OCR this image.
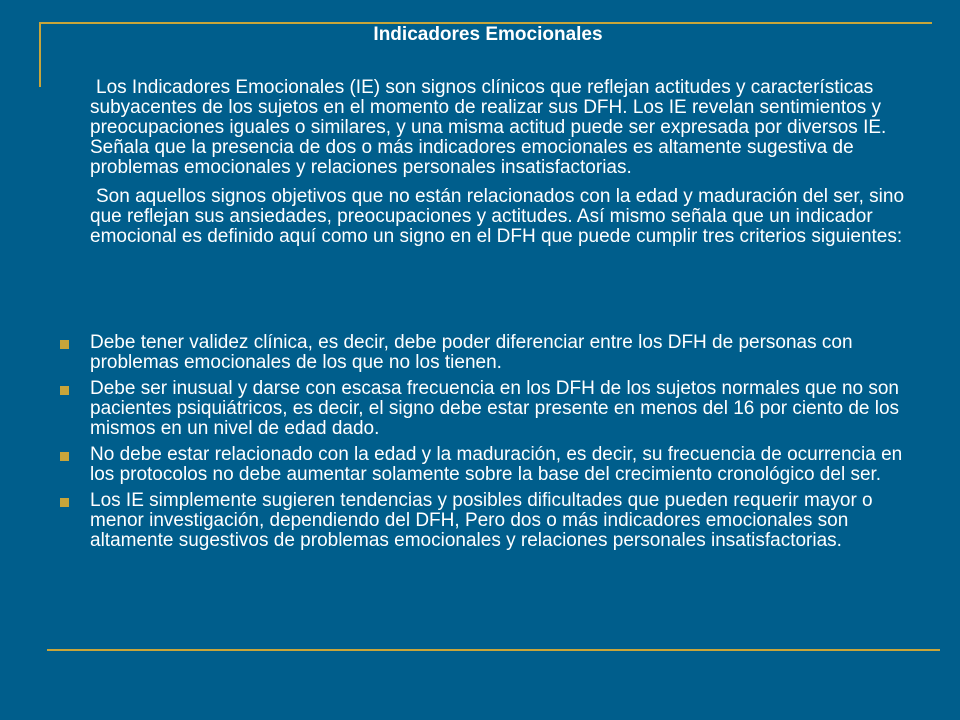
Indicadores Emocionales

Los Indicadores Emocionales (IE) son signos clínicos que reflejan actitudes y características subyacentes de los sujetos en el momento de realizar sus DFH. Los IE revelan sentimientos y preocupaciones iguales o similares, y una misma actitud puede ser expresada por diversos IE. Señala que la presencia de dos o más indicadores emocionales es altamente sugestiva de problemas emocionales y relaciones personales insatisfactorias.

Son aquellos signos objetivos que no están relacionados con la edad y maduración del ser, sino que reflejan sus ansiedades, preocupaciones y actitudes. Así mismo señala que un indicador emocional es definido aquí como un signo en el DFH que puede cumplir tres criterios siguientes:

Debe tener validez clínica, es decir, debe poder diferenciar entre los DFH de personas con problemas emocionales de los que no los tienen.
Debe ser inusual y darse con escasa frecuencia en los DFH de los sujetos normales que no son pacientes psiquiátricos, es decir, el signo debe estar presente en menos del 16 por ciento de los mismos en un nivel de edad dado.
No debe estar relacionado con la edad y la maduración, es decir, su frecuencia de ocurrencia en los protocolos no debe aumentar solamente sobre la base del crecimiento cronológico del ser.
Los IE simplemente sugieren tendencias y posibles dificultades que pueden requerir mayor o menor investigación, dependiendo del DFH, Pero dos o más indicadores emocionales son altamente sugestivos de problemas emocionales y relaciones personales insatisfactorias.
